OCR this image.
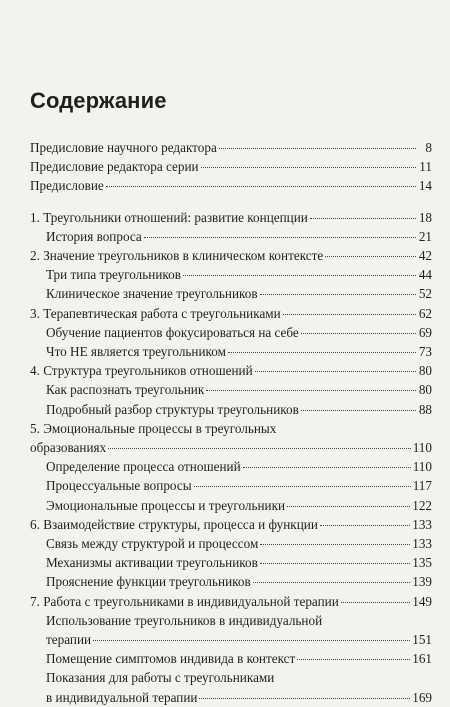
Содержание
Предисловие научного редактора	8
Предисловие редактора серии	11
Предисловие	14
1. Треугольники отношений: развитие концепции	18
История вопроса	21
2. Значение треугольников в клиническом контексте	42
Три типа треугольников	44
Клиническое значение треугольников	52
3. Терапевтическая работа с треугольниками	62
Обучение пациентов фокусироваться на себе	69
Что НЕ является треугольником	73
4. Структура треугольников отношений	80
Как распознать треугольник	80
Подробный разбор структуры треугольников	88
5. Эмоциональные процессы в треугольных
образованиях	110
Определение процесса отношений	110
Процессуальные вопросы	117
Эмоциональные процессы и треугольники	122
6. Взаимодействие структуры, процесса и функции	133
Связь между структурой и процессом	133
Механизмы активации треугольников	135
Прояснение функции треугольников	139
7. Работа с треугольниками в индивидуальной терапии	149
Использование треугольников в индивидуальной
терапии	151
Помещение симптомов индивида в контекст	161
Показания для работы с треугольниками
в индивидуальной терапии	169
